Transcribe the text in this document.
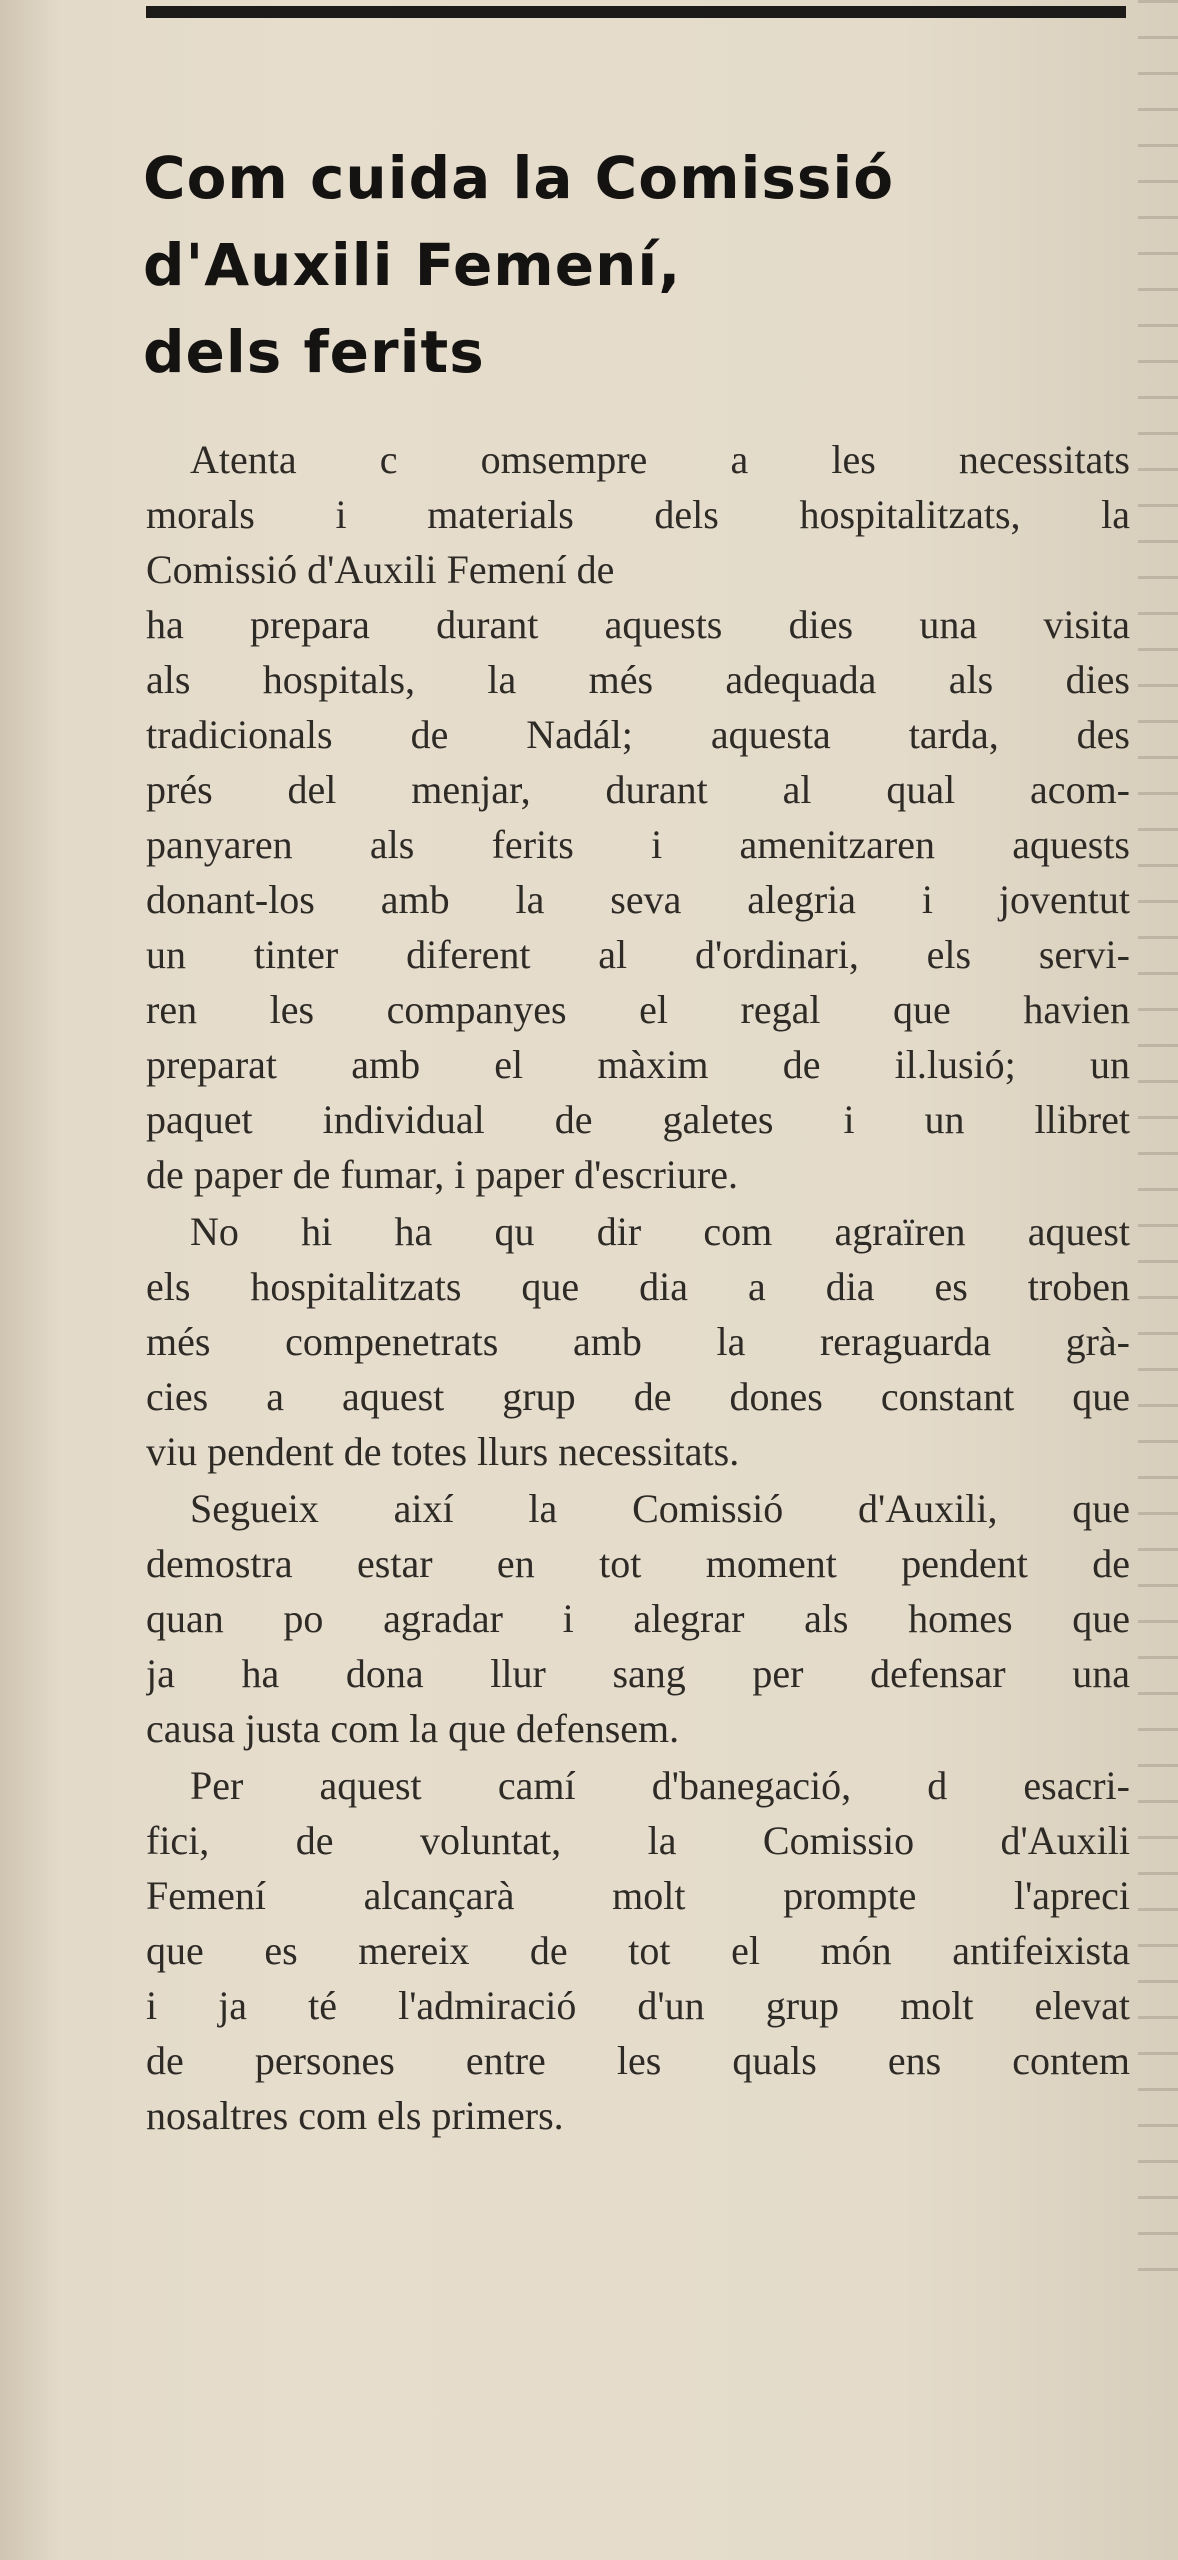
Com cuida la Comissió
d'Auxili Femení,
dels ferits

Atenta c omsempre a les necessitats
morals i materials dels hospitalitzats, la
Comissió d'Auxili Femení de
ha prepara durant aquests dies una visita
als hospitals, la més adequada als dies
tradicionals de Nadál; aquesta tarda, des
prés del menjar, durant al qual acom-
panyaren als ferits i amenitzaren aquests
donant-los amb la seva alegria i joventut
un tinter diferent al d'ordinari, els servi-
ren les companyes el regal que havien
preparat amb el màxim de il.lusió; un
paquet individual de galetes i un llibret
de paper de fumar, i paper d'escriure.

No hi ha qu dir com agraïren aquest
els hospitalitzats que dia a dia es troben
més compenetrats amb la reraguarda grà-
cies a aquest grup de dones constant que
viu pendent de totes llurs necessitats.

Segueix així la Comissió d'Auxili, que
demostra estar en tot moment pendent de
quan po agradar i alegrar als homes que
ja ha dona llur sang per defensar una
causa justa com la que defensem.

Per aquest camí d'banegació, d esacri-
fici, de voluntat, la Comissio d'Auxili
Femení alcançarà molt prompte l'apreci
que es mereix de tot el món antifeixista
i ja té l'admiració d'un grup molt elevat
de persones entre les quals ens contem
nosaltres com els primers.
